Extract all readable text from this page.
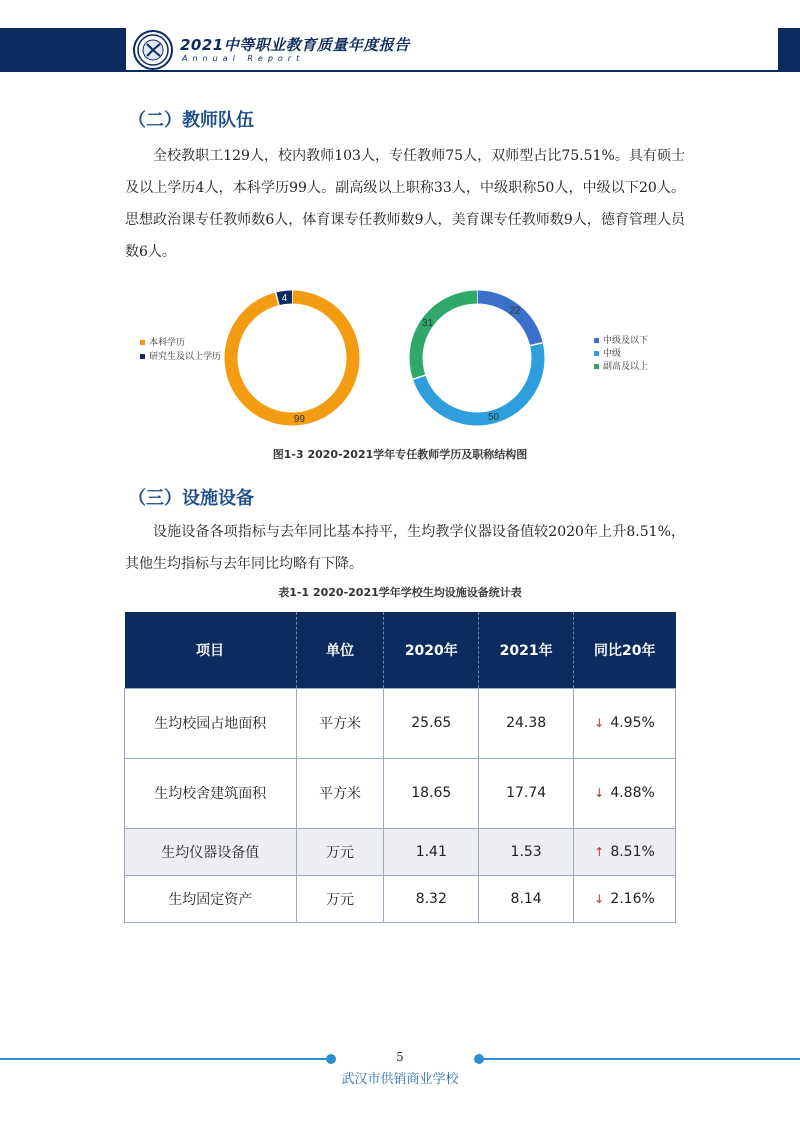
2021中等职业教育质量年度报告
Annual Report
（二）教师队伍
全校教职工129人，校内教师103人，专任教师75人，双师型占比75.51%。具有硕士及以上学历4人，本科学历99人。副高级以上职称33人，中级职称50人，中级以下20人。思想政治课专任教师数6人，体育课专任教师数9人，美育课专任教师数9人，德育管理人员数6人。
99
4
本科学历
研究生及以上学历
22
50
31
中级及以下
中级
副高及以上
图1-3 2020-2021学年专任教师学历及职称结构图
（三）设施设备
设施设备各项指标与去年同比基本持平，生均教学仪器设备值较2020年上升8.51%，其他生均指标与去年同比均略有下降。
表1-1 2020-2021学年学校生均设施设备统计表
项目	单位	2020年	2021年	同比20年
生均校园占地面积	平方米	25.65	24.38	↓ 4.95%
生均校舍建筑面积	平方米	18.65	17.74	↓ 4.88%
生均仪器设备值	万元	1.41	1.53	↑ 8.51%
生均固定资产	万元	8.32	8.14	↓ 2.16%
5
武汉市供销商业学校
